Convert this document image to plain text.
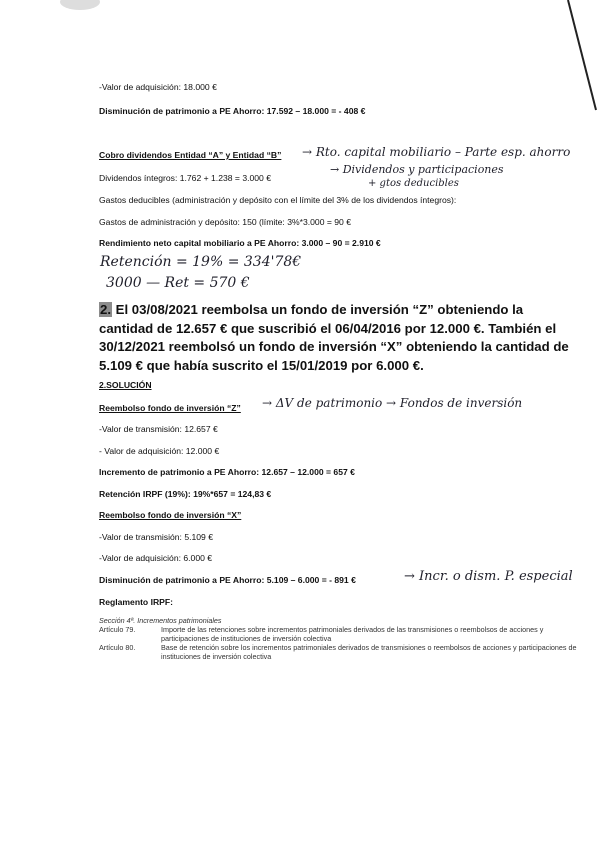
-Valor de adquisición: 18.000 €
Disminución de patrimonio a PE Ahorro: 17.592 – 18.000 = - 408 €
Cobro dividendos Entidad “A” y Entidad “B” → Rto. capital mobiliario – Parte esp. ahorro
→ Dividendos y participaciones
+ gtos deducibles
Dividendos íntegros: 1.762 + 1.238 = 3.000 €
Gastos deducibles (administración y depósito con el límite del 3% de los dividendos íntegros):
Gastos de administración y depósito: 150 (límite: 3%*3.000 = 90 €
Rendimiento neto capital mobiliario a PE Ahorro: 3.000 – 90 = 2.910 €
Retención = 19% = 334'78€
3000 — Ret = 570 €
2. El 03/08/2021 reembolsa un fondo de inversión “Z” obteniendo la cantidad de 12.657 € que suscribió el 06/04/2016 por 12.000 €. También el 30/12/2021 reembolsó un fondo de inversión “X” obteniendo la cantidad de 5.109 € que había suscrito el 15/01/2019 por 6.000 €.
2.SOLUCIÓN
Reembolso fondo de inversión “Z” → ΔV de patrimonio → Fondos de inversión
-Valor de transmisión: 12.657 €
- Valor de adquisición: 12.000 €
Incremento de patrimonio a PE Ahorro: 12.657 – 12.000 = 657 €
Retención IRPF (19%): 19%*657 = 124,83 €
Reembolso fondo de inversión “X”
-Valor de transmisión: 5.109 €
-Valor de adquisición: 6.000 €
Disminución de patrimonio a PE Ahorro: 5.109 – 6.000 = - 891 €	→ Incr. o dism. P. especial
Reglamento IRPF:
Sección 4ª. Incrementos patrimoniales
Artículo 79.	Importe de las retenciones sobre incrementos patrimoniales derivados de las transmisiones o reembolsos de acciones y participaciones de instituciones de inversión colectiva
Artículo 80.	Base de retención sobre los incrementos patrimoniales derivados de transmisiones o reembolsos de acciones y participaciones de instituciones de inversión colectiva
